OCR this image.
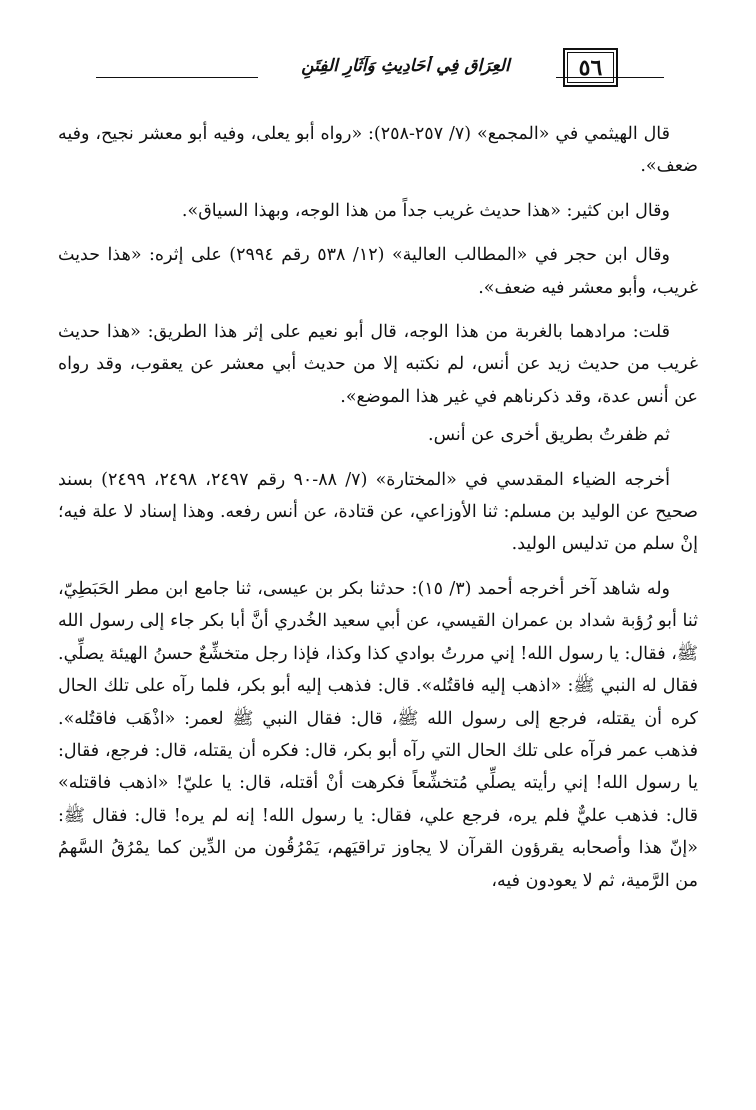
٥٦
العِرَاق فِي أحَادِيثِ وَآثَارِ الفِتَنِ

قال الهيثمي في «المجمع» (٧/ ٢٥٧-٢٥٨): «رواه أبو يعلى، وفيه أبو معشر نجيح، وفيه ضعف».

وقال ابن كثير: «هذا حديث غريب جداً من هذا الوجه، وبهذا السياق».

وقال ابن حجر في «المطالب العالية» (١٢/ ٥٣٨ رقم ٢٩٩٤) على إثره: «هذا حديث غريب، وأبو معشر فيه ضعف».

قلت: مرادهما بالغربة من هذا الوجه، قال أبو نعيم على إثر هذا الطريق: «هذا حديث غريب من حديث زيد عن أنس، لم نكتبه إلا من حديث أبي معشر عن يعقوب، وقد رواه عن أنس عدة، وقد ذكرناهم في غير هذا الموضع».

ثم ظفرتُ بطريق أخرى عن أنس.

أخرجه الضياء المقدسي في «المختارة» (٧/ ٨٨-٩٠ رقم ٢٤٩٧، ٢٤٩٨، ٢٤٩٩) بسند صحيح عن الوليد بن مسلم: ثنا الأوزاعي، عن قتادة، عن أنس رفعه. وهذا إسناد لا علة فيه؛ إنْ سلم من تدليس الوليد.

وله شاهد آخر أخرجه أحمد (٣/ ١٥): حدثنا بكر بن عيسى، ثنا جامع ابن مطر الحَبَطِيّ، ثنا أبو رُؤبة شداد بن عمران القيسي، عن أبي سعيد الخُدري أنَّ أبا بكر جاء إلى رسول الله ﷺ، فقال: يا رسول الله! إني مررتُ بوادي كذا وكذا، فإذا رجل متخشِّعٌ حسنُ الهيئة يصلِّي. فقال له النبي ﷺ: «اذهب إليه فاقتُله». قال: فذهب إليه أبو بكر، فلما رآه على تلك الحال كره أن يقتله، فرجع إلى رسول الله ﷺ، قال: فقال النبي ﷺ لعمر: «اذْهَب فاقتُله». فذهب عمر فرآه على تلك الحال التي رآه أبو بكر، قال: فكره أن يقتله، قال: فرجع، فقال: يا رسول الله! إني رأيته يصلِّي مُتخشِّعاً فكرهت أنْ أقتله، قال: يا عليّ! «اذهب فاقتله» قال: فذهب عليٌّ فلم يره، فرجع علي، فقال: يا رسول الله! إنه لم يره! قال: فقال ﷺ: «إنّ هذا وأصحابه يقرؤون القرآن لا يجاوز تراقيَهم، يَمْرُقُون من الدِّين كما يمْرُقُ السَّهمُ من الرَّمية، ثم لا يعودون فيه،
